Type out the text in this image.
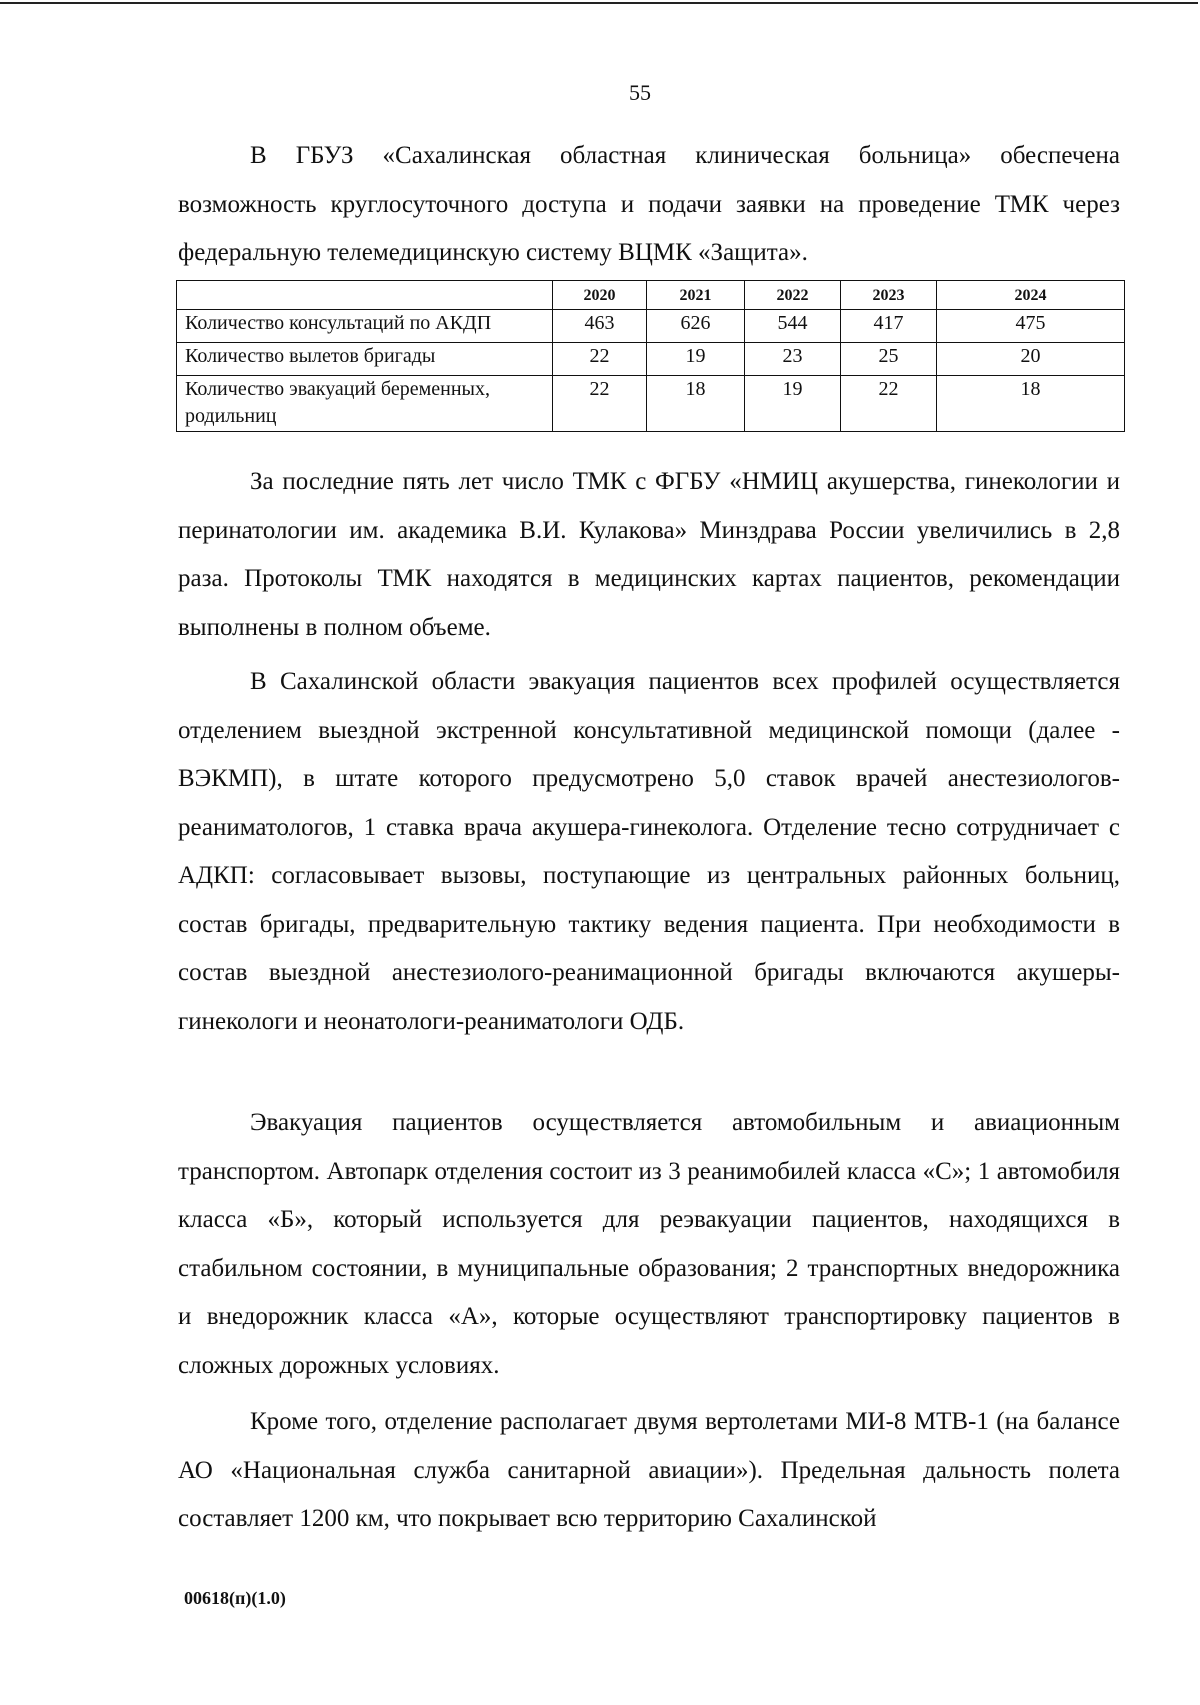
55

В ГБУЗ «Сахалинская областная клиническая больница» обеспечена возможность круглосуточного доступа и подачи заявки на проведение ТМК через федеральную телемедицинскую систему ВЦМК «Защита».

	2020	2021	2022	2023	2024
Количество консультаций по АКДП	463	626	544	417	475
Количество вылетов бригады	22	19	23	25	20
Количество эвакуаций беременных, родильниц	22	18	19	22	18

За последние пять лет число ТМК с ФГБУ «НМИЦ акушерства, гинекологии и перинатологии им. академика В.И. Кулакова» Минздрава России увеличились в 2,8 раза. Протоколы ТМК находятся в медицинских картах пациентов, рекомендации выполнены в полном объеме.

В Сахалинской области эвакуация пациентов всех профилей осуществляется отделением выездной экстренной консультативной медицинской помощи (далее - ВЭКМП), в штате которого предусмотрено 5,0 ставок врачей анестезиологов-реаниматологов, 1 ставка врача акушера-гинеколога. Отделение тесно сотрудничает с АДКП: согласовывает вызовы, поступающие из центральных районных больниц, состав бригады, предварительную тактику ведения пациента. При необходимости в состав выездной анестезиолого-реанимационной бригады включаются акушеры-гинекологи и неонатологи-реаниматологи ОДБ.

Эвакуация пациентов осуществляется автомобильным и авиационным транспортом. Автопарк отделения состоит из 3 реанимобилей класса «С»; 1 автомобиля класса «Б», который используется для реэвакуации пациентов, находящихся в стабильном состоянии, в муниципальные образования; 2 транспортных внедорожника и внедорожник класса «А», которые осуществляют транспортировку пациентов в сложных дорожных условиях.

Кроме того, отделение располагает двумя вертолетами МИ-8 МТВ-1 (на балансе АО «Национальная служба санитарной авиации»). Предельная дальность полета составляет 1200 км, что покрывает всю территорию Сахалинской

00618(п)(1.0)
